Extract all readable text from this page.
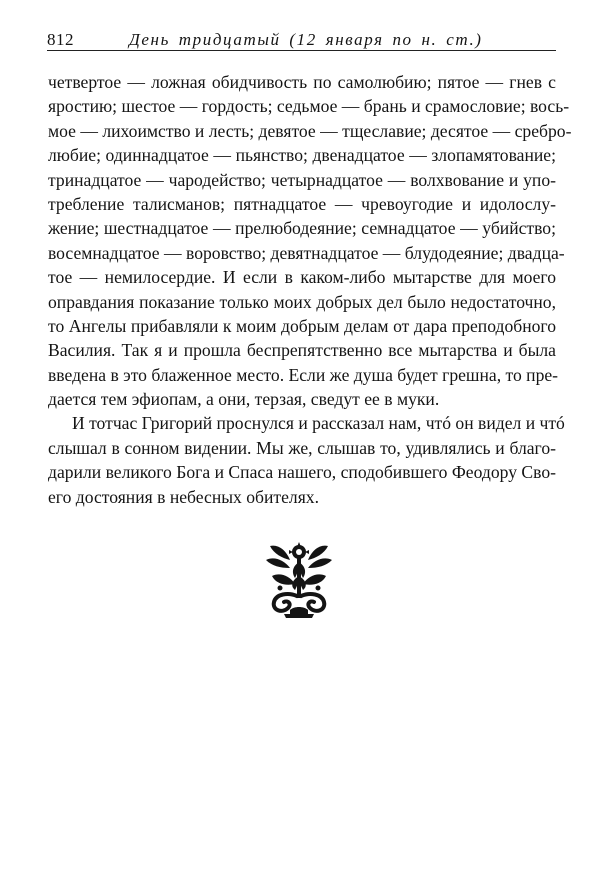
812	День тридцатый (12 января по н. ст.)
четвертое — ложная обидчивость по самолюбию; пятое — гнев с
яростию; шестое — гордость; седьмое — брань и срамословие; вось-
мое — лихоимство и лесть; девятое — тщеславие; десятое — сребро-
любие; одиннадцатое — пьянство; двенадцатое — злопамятование;
тринадцатое — чародейство; четырнадцатое — волхвование и упо-
требление талисманов; пятнадцатое — чревоугодие и идолослу-
жение; шестнадцатое — прелюбодеяние; семнадцатое — убийство;
восемнадцатое — воровство; девятнадцатое — блудодеяние; двадца-
тое — немилосердие. И если в каком-либо мытарстве для моего
оправдания показание только моих добрых дел было недостаточно,
то Ангелы прибавляли к моим добрым делам от дара преподобного
Василия. Так я и прошла беспрепятственно все мытарства и была
введена в это блаженное место. Если же душа будет грешна, то пре-
дается тем эфиопам, а они, терзая, сведут ее в муки.
И тотчас Григорий проснулся и рассказал нам, чтó он видел и чтó
слышал в сонном видении. Мы же, слышав то, удивлялись и благо-
дарили великого Бога и Спаса нашего, сподобившего Феодору Сво-
его достояния в небесных обителях.
